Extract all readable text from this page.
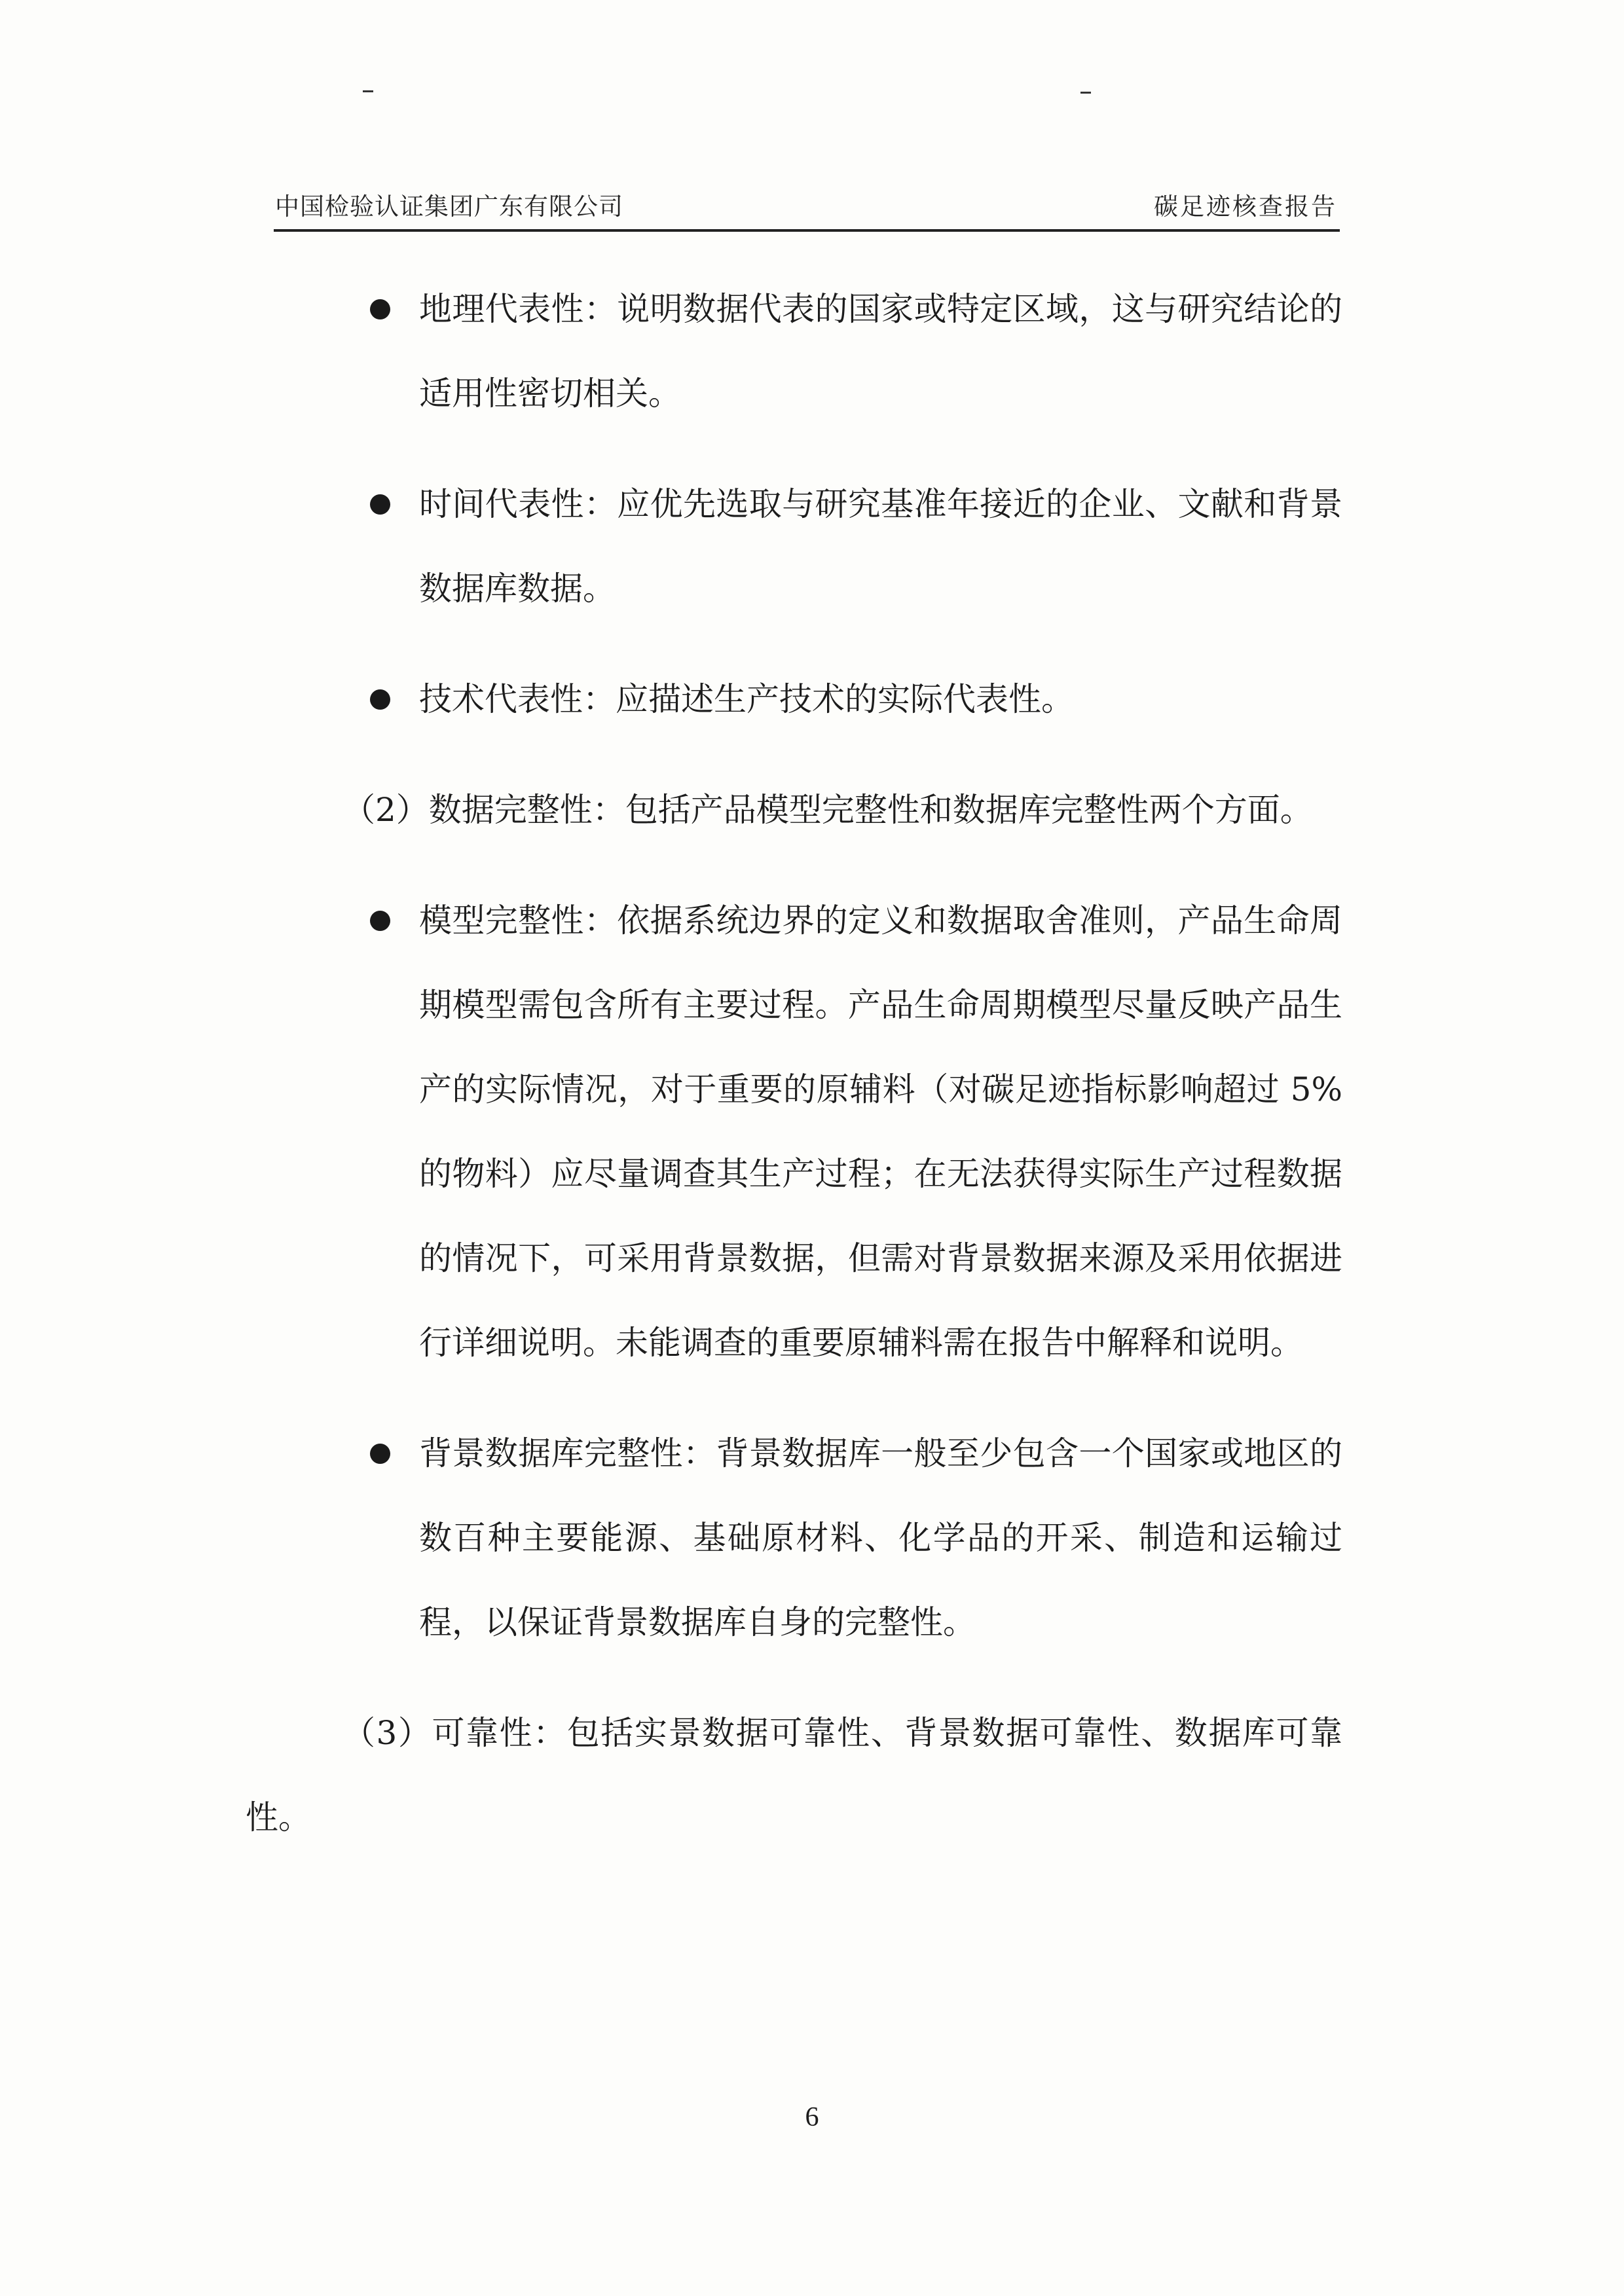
中国检验认证集团广东有限公司	碳足迹核查报告
地理代表性：说明数据代表的国家或特定区域，这与研究结论的适用性密切相关。
时间代表性：应优先选取与研究基准年接近的企业、文献和背景数据库数据。
技术代表性：应描述生产技术的实际代表性。
（2）数据完整性：包括产品模型完整性和数据库完整性两个方面。
模型完整性：依据系统边界的定义和数据取舍准则，产品生命周期模型需包含所有主要过程。产品生命周期模型尽量反映产品生产的实际情况，对于重要的原辅料（对碳足迹指标影响超过 5%的物料）应尽量调查其生产过程；在无法获得实际生产过程数据的情况下，可采用背景数据，但需对背景数据来源及采用依据进行详细说明。未能调查的重要原辅料需在报告中解释和说明。
背景数据库完整性：背景数据库一般至少包含一个国家或地区的数百种主要能源、基础原材料、化学品的开采、制造和运输过程，以保证背景数据库自身的完整性。
（3）可靠性：包括实景数据可靠性、背景数据可靠性、数据库可靠性。
6
